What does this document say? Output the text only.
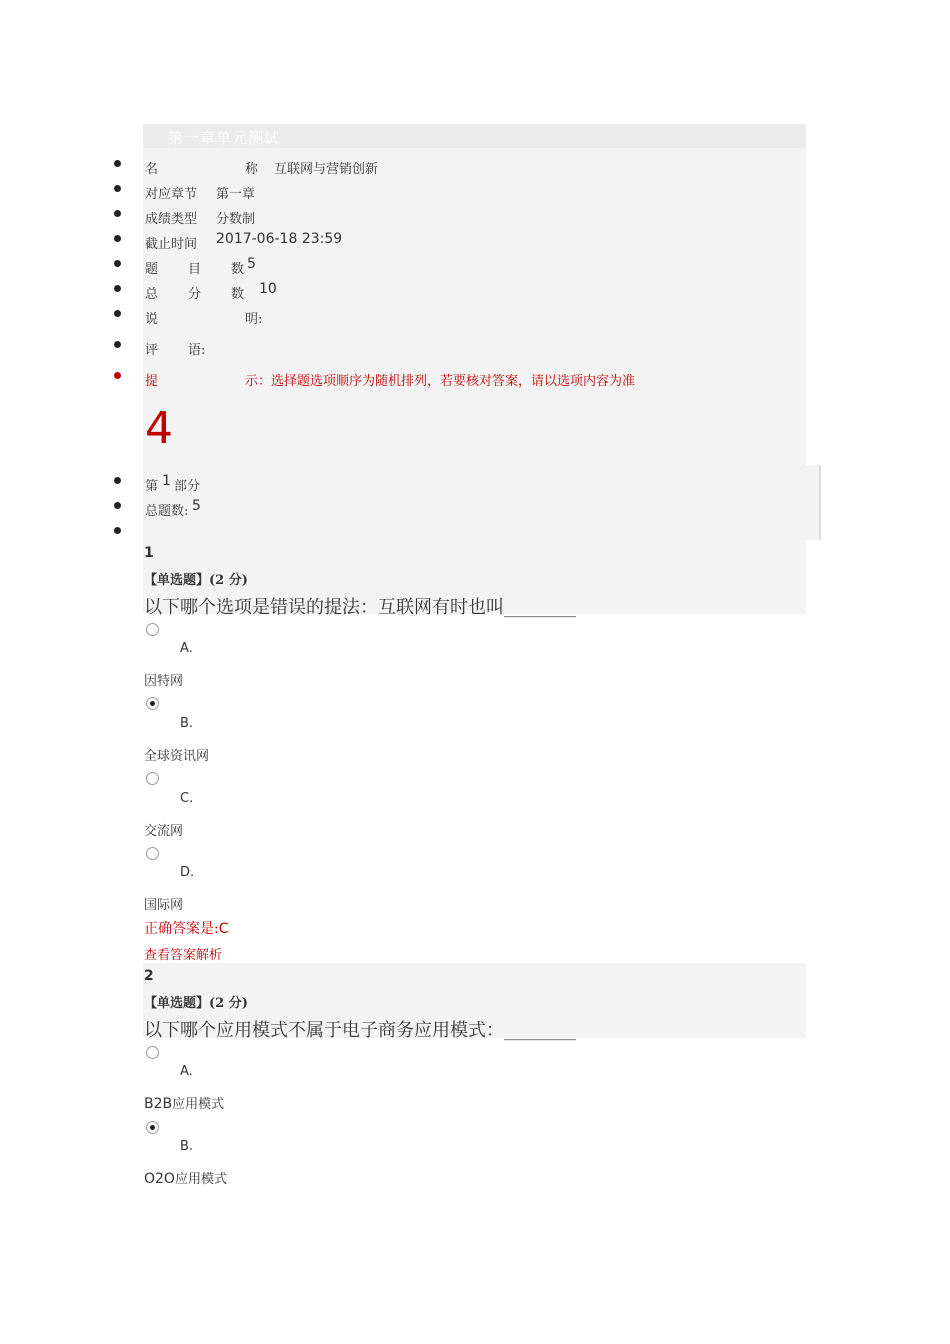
第一章单元测试
名	称 互联网与营销创新
对应章节 第一章
成绩类型 分数制
截止时间 2017-06-18 23:59
题 目 数 5
总 分 数 10
说	明:
评 语:
提	示：选择题选项顺序为随机排列，若要核对答案，请以选项内容为准
4
第 1 部分
总题数: 5
1
【单选题】(2 分)
以下哪个选项是错误的提法：互联网有时也叫________
A.
因特网
B.
全球资讯网
C.
交流网
D.
国际网
正确答案是:C
查看答案解析
2
【单选题】(2 分)
以下哪个应用模式不属于电子商务应用模式：________
A.
B2B应用模式
B.
O2O应用模式
